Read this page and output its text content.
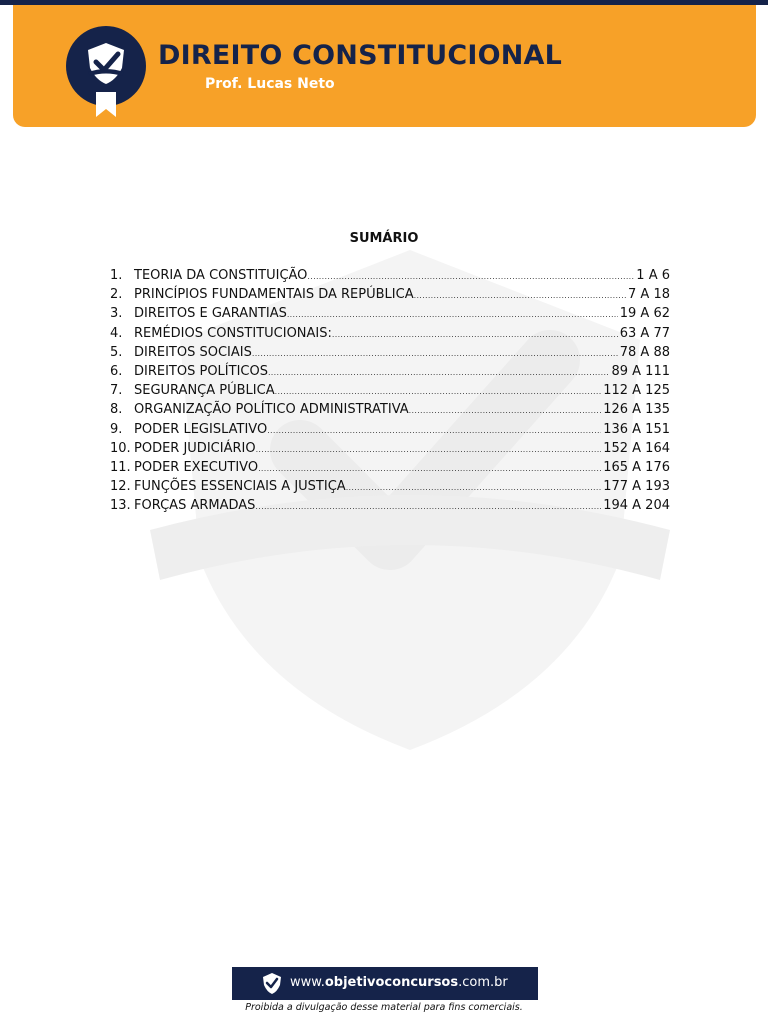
DIREITO CONSTITUCIONAL
Prof. Lucas Neto
SUMÁRIO
1. TEORIA DA CONSTITUIÇÃO .....	1 A 6
2. PRINCÍPIOS FUNDAMENTAIS DA REPÚBLICA .....	7 A 18
3. DIREITOS E GARANTIAS .....	19 A 62
4. REMÉDIOS CONSTITUCIONAIS: .....	63 A 77
5. DIREITOS SOCIAIS .....	78 A 88
6. DIREITOS POLÍTICOS .....	89 A 111
7. SEGURANÇA PÚBLICA .....	112 A 125
8. ORGANIZAÇÃO POLÍTICO ADMINISTRATIVA .....	126 A 135
9. PODER LEGISLATIVO .....	136 A 151
10. PODER JUDICIÁRIO .....	152 A 164
11. PODER EXECUTIVO .....	165 A 176
12. FUNÇÕES ESSENCIAIS A JUSTIÇA .....	177 A 193
13. FORÇAS ARMADAS .....	194 A 204
www.objetivoconcursos.com.br
Proibida a divulgação desse material para fins comerciais.
